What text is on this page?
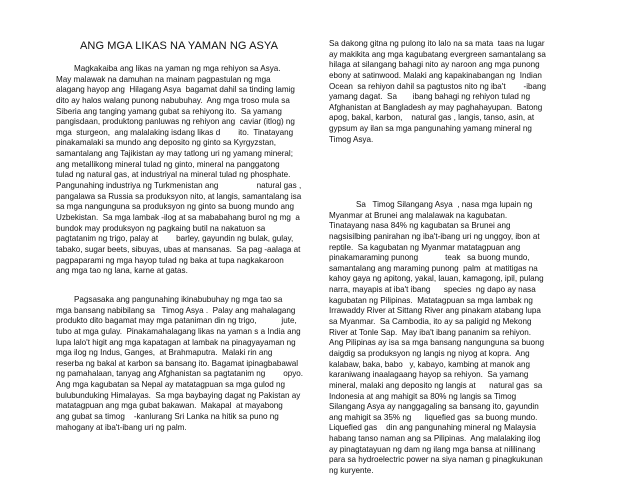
ANG MGA LIKAS NA YAMAN NG ASYA
Magkakaiba ang likas na yaman ng mga rehiyon sa Asya.
May malawak na damuhan na mainam pagpastulan ng mga
alagang hayop ang  Hilagang Asya  bagamat dahil sa tinding lamig
dito ay halos walang punong nabubuhay.  Ang mga troso mula sa
Siberia ang tanging yamang gubat sa rehiyong ito.  Sa yamang
pangisdaan, produktong panluwas ng rehiyon ang  caviar (itlog) ng
mga  sturgeon,  ang malalaking isdang likas d        ito.  Tinatayang
pinakamalaki sa mundo ang deposito ng ginto sa Kyrgyzstan,
samantalang ang Tajikistan ay may tatlong uri ng yamang mineral;
ang metallikong mineral tulad ng ginto, mineral na panggatong
tulad ng natural gas, at industriyal na mineral tulad ng phosphate.
Pangunahing industriya ng Turkmenistan ang                 natural gas ,
pangalawa sa Russia sa produksyon nito, at langis, samantalang isa
sa mga nangunguna sa produksyon ng ginto sa buong mundo ang
Uzbekistan.  Sa mga lambak -ilog at sa mababahang burol ng mg  a
bundok may produksyon ng pagkaing butil na nakatuon sa
pagtatanim ng trigo, palay at        barley, gayundin ng bulak, gulay,
tabako, sugar beets, sibuyas, ubas at mansanas.  Sa pag -aalaga at
pagpaparami ng mga hayop tulad ng baka at tupa nagkakaroon
ang mga tao ng lana, karne at gatas.
Pagsasaka ang pangunahing ikinabubuhay ng mga tao sa
mga bansang nabibilang sa   Timog Asya .  Palay ang mahalagang
produkto dito bagamat may mga pataniman din ng trigo,           jute,
tubo at mga gulay.  Pinakamahalagang likas na yaman s a India ang
lupa lalo't higit ang mga kapatagan at lambak na pinagyayaman ng
mga ilog ng Indus, Ganges,  at Brahmaputra.  Malaki rin ang
reserba ng bakal at karbon sa bansang ito. Bagamat ipinagbabawal
ng pamahalaan, tanyag ang Afghanistan sa pagtatanim ng        opyo.
Ang mga kagubatan sa Nepal ay matatagpuan sa mga gulod ng
bulubunduking Himalayas.  Sa mga baybaying dagat ng Pakistan ay
matatagpuan ang mga gubat bakawan.  Makapal  at mayabong
ang gubat sa timog    -kanlurang Sri Lanka na hitik sa puno ng
mahogany at iba't-ibang uri ng palm.
Sa dakong gitna ng pulong ito lalo na sa mata  taas na lugar
ay makikita ang mga kagubatang evergreen samantalang sa
hilaga at silangang bahagi nito ay naroon ang mga punong
ebony at satinwood. Malaki ang kapakinabangan ng  Indian
Ocean  sa rehiyon dahil sa pagtustos nito ng iba't        -ibang
yamang dagat.  Sa       ibang bahagi ng rehiyon tulad ng
Afghanistan at Bangladesh ay may paghahayupan.  Batong
apog, bakal, karbon,    natural gas , langis, tanso, asin, at
gypsum ay ilan sa mga pangunahing yamang mineral ng
Timog Asya.
Sa   Timog Silangang Asya  , nasa mga lupain ng
Myanmar at Brunei ang malalawak na kagubatan.
Tinatayang nasa 84% ng kagubatan sa Brunei ang
nagsisilbing panirahan ng iba't-ibang uri ng unggoy, ibon at
reptile.  Sa kagubatan ng Myanmar matatagpuan ang
pinakamaraming punong            teak   sa buong mundo,
samantalang ang maraming punong  palm  at matitigas na
kahoy gaya ng apitong, yakal, lauan, kamagong, ipil, pulang
narra, mayapis at iba't ibang      species  ng dapo ay nasa
kagubatan ng Pilipinas.  Matatagpuan sa mga lambak ng
Irrawaddy River at Sittang River ang pinakam atabang lupa
sa Myanmar.  Sa Cambodia, ito ay sa paligid ng Mekong
River at Tonle Sap.  May iba't ibang pananim sa rehiyon.
Ang Pilipinas ay isa sa mga bansang nangunguna sa buong
daigdig sa produksyon ng langis ng niyog at kopra.  Ang
kalabaw, baka, babo   y, kabayo, kambing at manok ang
karaniwang inaalagaang hayop sa rehiyon.  Sa yamang
mineral, malaki ang deposito ng langis at      natural gas  sa
Indonesia at ang mahigit sa 80% ng langis sa Timog
Silangang Asya ay nanggagaling sa bansang ito, gayundin
ang mahigit sa 35% ng      liquefied gas  sa buong mundo.
Liquefied gas    din ang pangunahing mineral ng Malaysia
habang tanso naman ang sa Pilipinas.  Ang malalaking ilog
ay pinagtatayuan ng dam ng ilang mga bansa at nililinang
para sa hydroelectric power na siya naman g pinagkukunan
ng kuryente.
